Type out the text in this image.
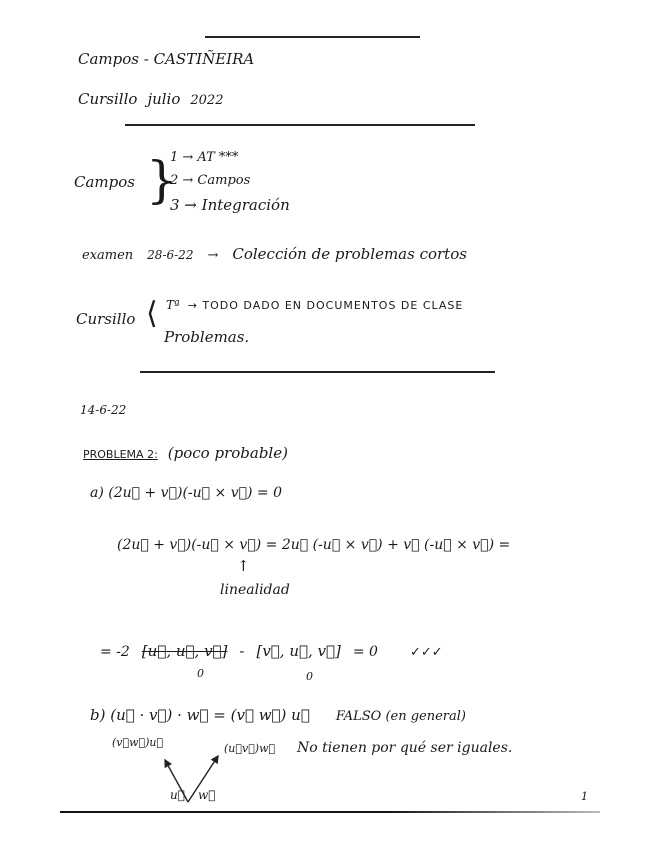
Campos - CASTIÑEIRA
Cursillo julio 2022
Campos }
1 → AT ***
2 → Campos
3 → Integración
examen 28-6-22 → Colección de problemas cortos
Cursillo ⟨ Tª → TODO DADO EN DOCUMENTOS DE CLASE
Problemas.
14-6-22
PROBLEMA 2: (poco probable)
a) (2u⃗ + v⃗)(-u⃗ × v⃗) = 0
(2u⃗ + v⃗)(-u⃗ × v⃗) = 2u⃗ (-u⃗ × v⃗) + v⃗ (-u⃗ × v⃗) =
↑
linealidad
= -2 [u⃗, u⃗, v⃗] - [v⃗, u⃗, v⃗] = 0 ✓✓✓
0	0
b) (u⃗ · v⃗) · w⃗ = (v⃗ w⃗) u⃗ FALSO (en general)
No tienen por qué ser iguales.
(v⃗w⃗)u⃗	(u⃗v⃗)w⃗
u⃗ w⃗	1
